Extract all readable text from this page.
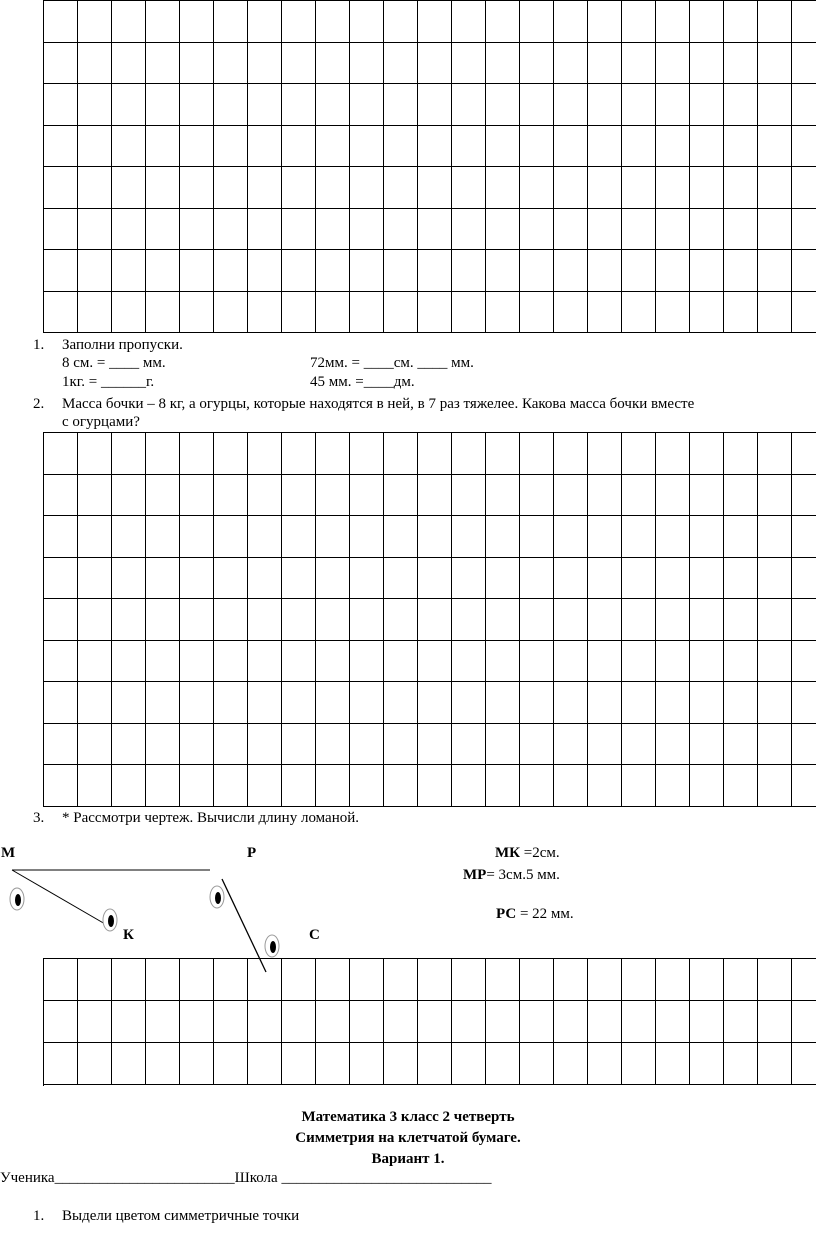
1. Заполни пропуски.
8 см. = ____ мм.	72мм. = ____см. ____ мм.
1кг. = ______г.	45 мм. =____дм.
2. Масса бочки – 8 кг, а огурцы, которые находятся в ней, в 7 раз тяжелее. Какова масса бочки вместе
с огурцами?
3. * Рассмотри чертеж. Вычисли длину ломаной.
М	Р
К	С
МК =2см.
МР= 3см.5 мм.
РС = 22 мм.
Математика 3 класс 2 четверть
Симметрия на клетчатой бумаге.
Вариант 1.
Ученика________________________Школа ____________________________
1. Выдели цветом симметричные точки
